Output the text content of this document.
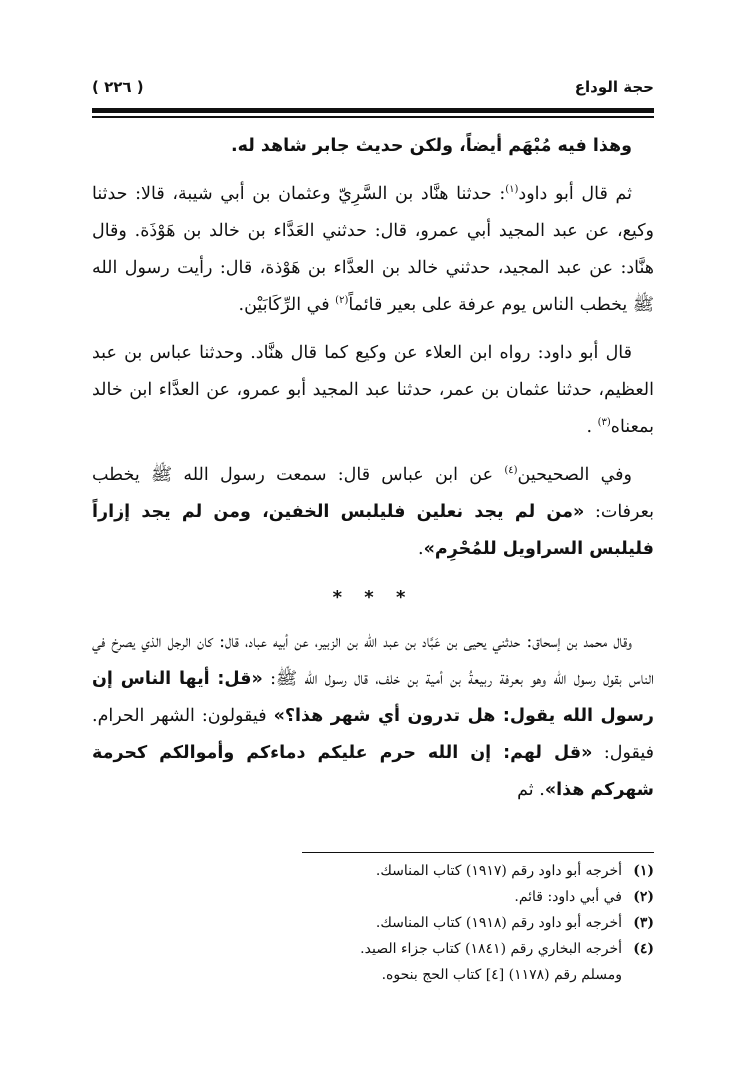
حجة الوداع
( ٢٢٦ )

وهذا فيه مُبْهَم أيضاً، ولكن حديث جابر شاهد له.

ثم قال أبو داود$^{(١)}$: حدثنا هنَّاد بن السَّرِيّ وعثمان بن أبي شيبة، قالا: حدثنا وكيع، عن عبد المجيد أبي عمرو، قال: حدثني العَدَّاء بن خالد بن هَوْذَة. وقال هنَّاد: عن عبد المجيد، حدثني خالد بن العدَّاء بن هَوْذة، قال: رأيت رسول الله ﷺ يخطب الناس يوم عرفة على بعير قائماً$^{(٢)}$ في الرِّكَابَيْن.

قال أبو داود: رواه ابن العلاء عن وكيع كما قال هنَّاد. وحدثنا عباس بن عبد العظيم، حدثنا عثمان بن عمر، حدثنا عبد المجيد أبو عمرو، عن العدَّاء ابن خالد بمعناه$^{(٣)}$ .

وفي الصحيحين$^{(٤)}$ عن ابن عباس قال: سمعت رسول الله ﷺ يخطب بعرفات: «من لم يجد نعلين فليلبس الخفين، ومن لم يجد إزاراً فليلبس السراويل للمُحْرِم».

* * *

وقال محمد بن إسحاق: حدثني يحيى بن عَبَّاد بن عبد الله بن الزبير، عن أبيه عباد، قال: كان الرجل الذي يصرخ في الناس بقول رسول الله وهو بعرفة ربيعةُ بن أمية بن خلف، قال رسول الله ﷺ: «قل: أيها الناس إن رسول الله يقول: هل تدرون أي شهر هذا؟» فيقولون: الشهر الحرام. فيقول: «قل لهم: إن الله حرم عليكم دماءكم وأموالكم كحرمة شهركم هذا». ثم

(١)أخرجه أبو داود رقم (١٩١٧) كتاب المناسك.
(٢)في أبي داود: قائم.
(٣)أخرجه أبو داود رقم (١٩١٨) كتاب المناسك.
(٤)أخرجه البخاري رقم (١٨٤١) كتاب جزاء الصيد.
ومسلم رقم (١١٧٨) [٤] كتاب الحج بنحوه.
